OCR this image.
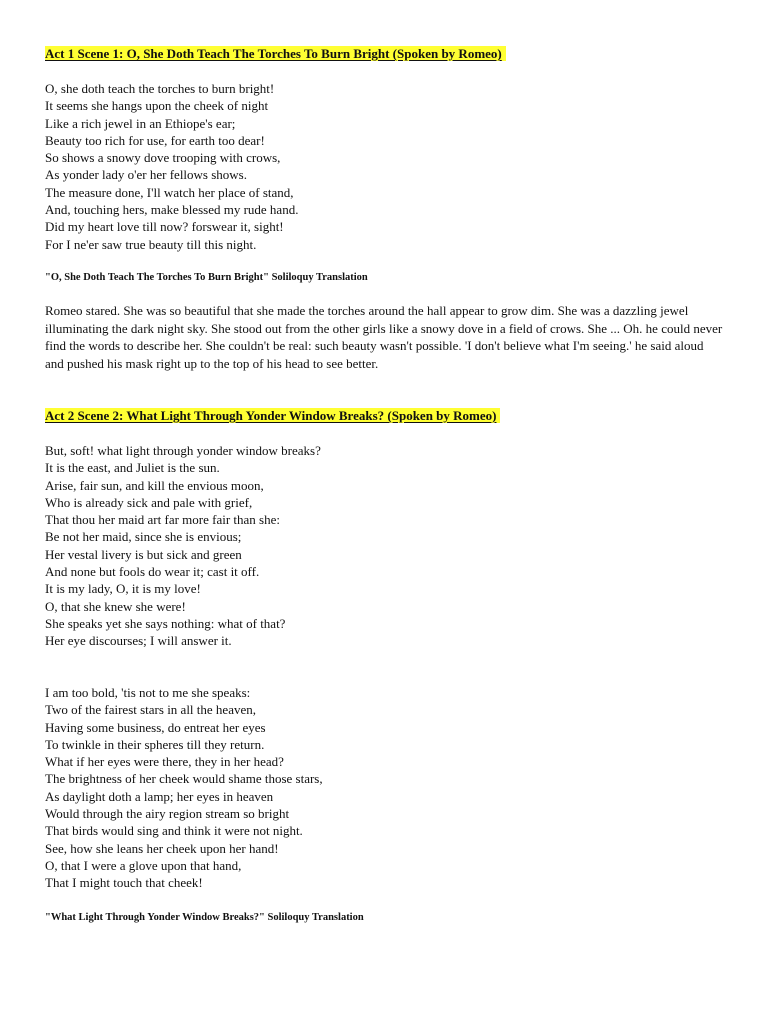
Act 1 Scene 1: O, She Doth Teach The Torches To Burn Bright (Spoken by Romeo)
O, she doth teach the torches to burn bright!
It seems she hangs upon the cheek of night
Like a rich jewel in an Ethiope's ear;
Beauty too rich for use, for earth too dear!
So shows a snowy dove trooping with crows,
As yonder lady o'er her fellows shows.
The measure done, I'll watch her place of stand,
And, touching hers, make blessed my rude hand.
Did my heart love till now? forswear it, sight!
For I ne'er saw true beauty till this night.
"O, She Doth Teach The Torches To Burn Bright" Soliloquy Translation

Romeo stared. She was so beautiful that she made the torches around the hall appear to grow dim. She was a dazzling jewel illuminating the dark night sky. She stood out from the other girls like a snowy dove in a field of crows. She ... Oh. he could never find the words to describe her. She couldn't be real: such beauty wasn't possible. 'I don't believe what I'm seeing.' he said aloud and pushed his mask right up to the top of his head to see better.

Act 2 Scene 2: What Light Through Yonder Window Breaks? (Spoken by Romeo)
But, soft! what light through yonder window breaks?
It is the east, and Juliet is the sun.
Arise, fair sun, and kill the envious moon,
Who is already sick and pale with grief,
That thou her maid art far more fair than she:
Be not her maid, since she is envious;
Her vestal livery is but sick and green
And none but fools do wear it; cast it off.
It is my lady, O, it is my love!
O, that she knew she were!
She speaks yet she says nothing: what of that?
Her eye discourses; I will answer it.
I am too bold, 'tis not to me she speaks:
Two of the fairest stars in all the heaven,
Having some business, do entreat her eyes
To twinkle in their spheres till they return.
What if her eyes were there, they in her head?
The brightness of her cheek would shame those stars,
As daylight doth a lamp; her eyes in heaven
Would through the airy region stream so bright
That birds would sing and think it were not night.
See, how she leans her cheek upon her hand!
O, that I were a glove upon that hand,
That I might touch that cheek!
"What Light Through Yonder Window Breaks?" Soliloquy Translation
